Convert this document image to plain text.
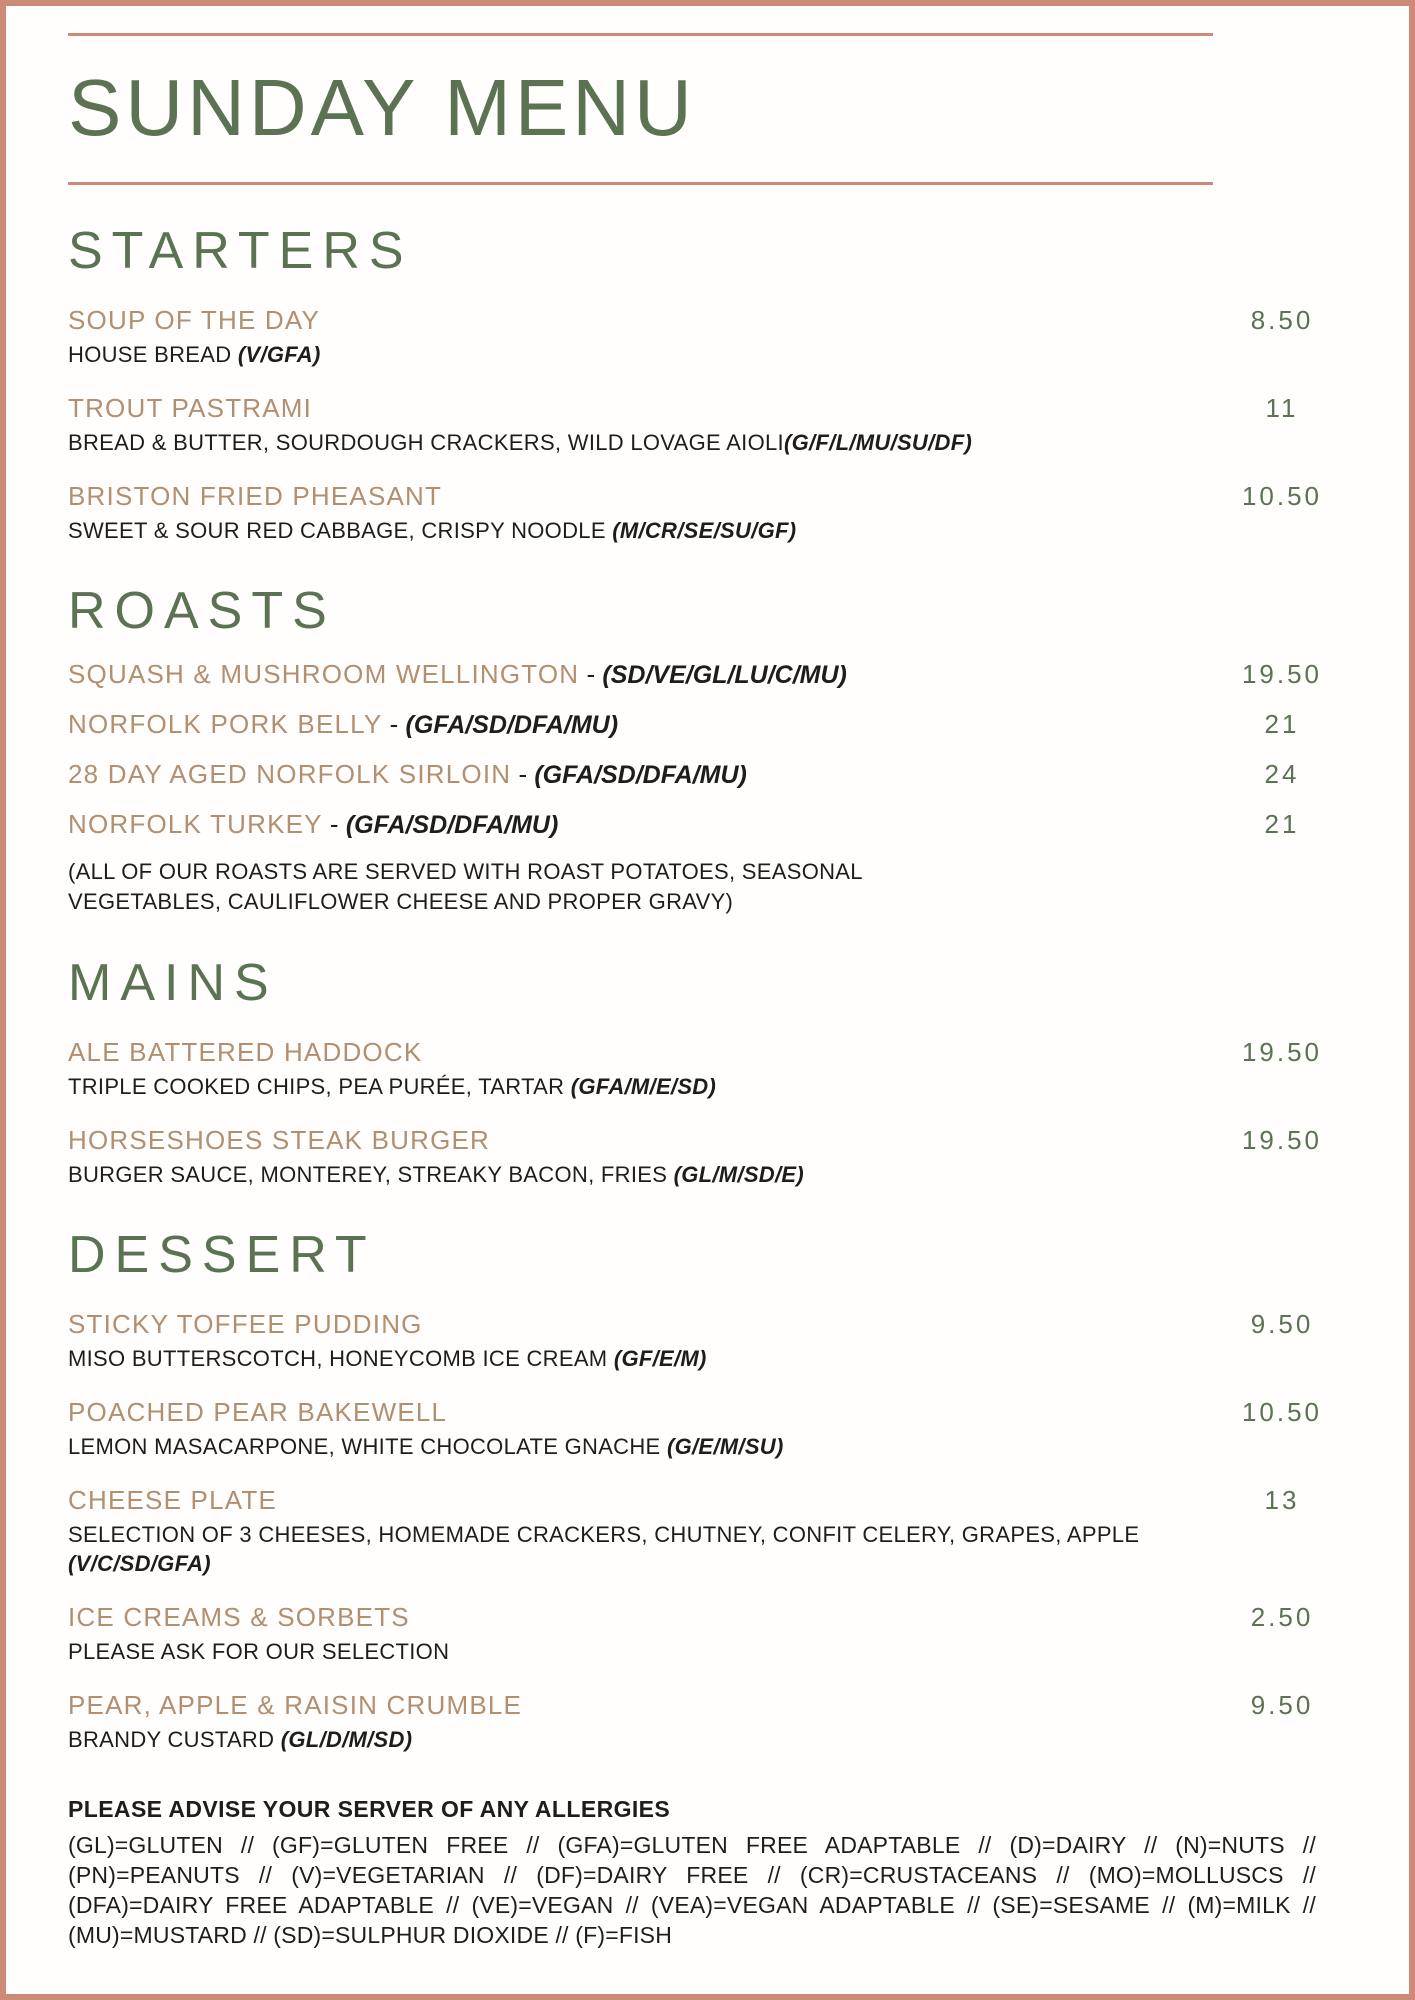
SUNDAY MENU
STARTERS
SOUP OF THE DAY	8.50

HOUSE BREAD (V/GFA)

TROUT PASTRAMI	11

BREAD & BUTTER, SOURDOUGH CRACKERS, WILD LOVAGE AIOLI(G/F/L/MU/SU/DF)

BRISTON FRIED PHEASANT	10.50

SWEET & SOUR RED CABBAGE, CRISPY NOODLE (M/CR/SE/SU/GF)

ROASTS
SQUASH & MUSHROOM WELLINGTON - (SD/VE/GL/LU/C/MU)	19.50
NORFOLK PORK BELLY - (GFA/SD/DFA/MU)	21
28 DAY AGED NORFOLK SIRLOIN - (GFA/SD/DFA/MU)	24
NORFOLK TURKEY - (GFA/SD/DFA/MU)	21

(ALL OF OUR ROASTS ARE SERVED WITH ROAST POTATOES, SEASONAL VEGETABLES, CAULIFLOWER CHEESE AND PROPER GRAVY)

MAINS
ALE BATTERED HADDOCK	19.50

TRIPLE COOKED CHIPS, PEA PURÉE, TARTAR (GFA/M/E/SD)

HORSESHOES STEAK BURGER	19.50

BURGER SAUCE, MONTEREY, STREAKY BACON, FRIES (GL/M/SD/E)

DESSERT
STICKY TOFFEE PUDDING	9.50

MISO BUTTERSCOTCH, HONEYCOMB ICE CREAM (GF/E/M)

POACHED PEAR BAKEWELL	10.50

LEMON MASACARPONE, WHITE CHOCOLATE GNACHE (G/E/M/SU)

CHEESE PLATE	13

SELECTION OF 3 CHEESES, HOMEMADE CRACKERS, CHUTNEY, CONFIT CELERY, GRAPES, APPLE
(V/C/SD/GFA)

ICE CREAMS & SORBETS	2.50

PLEASE ASK FOR OUR SELECTION

PEAR, APPLE & RAISIN CRUMBLE	9.50

BRANDY CUSTARD (GL/D/M/SD)

PLEASE ADVISE YOUR SERVER OF ANY ALLERGIES

(GL)=GLUTEN // (GF)=GLUTEN FREE // (GFA)=GLUTEN FREE ADAPTABLE // (D)=DAIRY // (N)=NUTS // (PN)=PEANUTS // (V)=VEGETARIAN // (DF)=DAIRY FREE // (CR)=CRUSTACEANS // (MO)=MOLLUSCS // (DFA)=DAIRY FREE ADAPTABLE // (VE)=VEGAN // (VEA)=VEGAN ADAPTABLE // (SE)=SESAME // (M)=MILK // (MU)=MUSTARD // (SD)=SULPHUR DIOXIDE // (F)=FISH
